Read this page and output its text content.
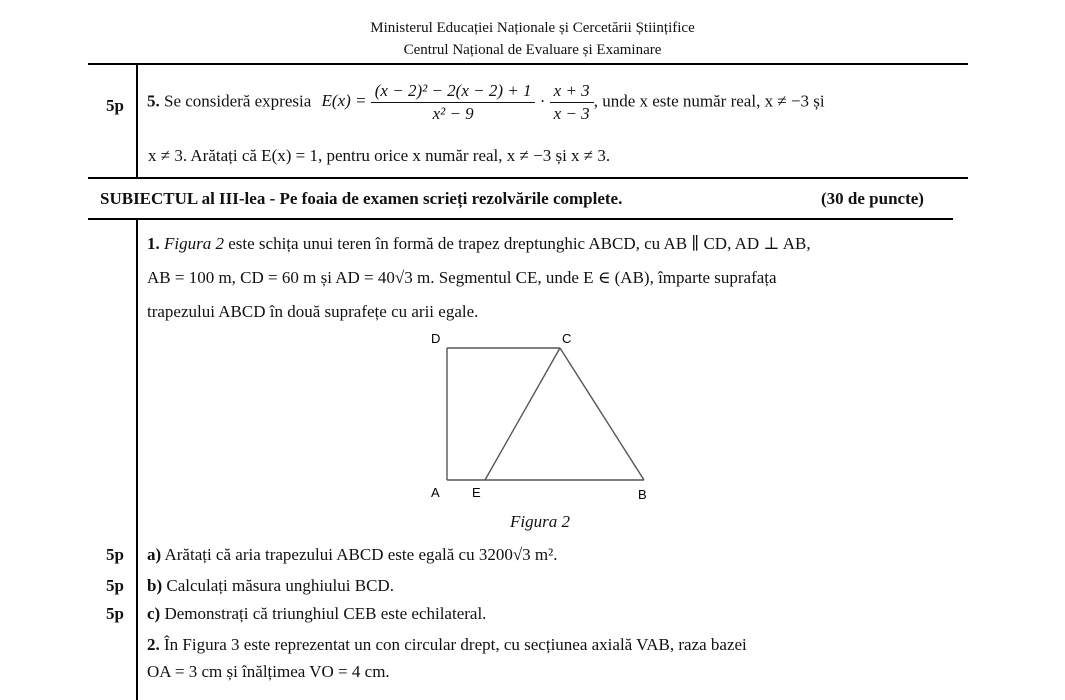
Ministerul Educației Naționale și Cercetării Științifice
Centrul Național de Evaluare și Examinare
5p 5. Se consideră expresia $E(x) = \frac{\text{(x − 2)² − 2(x − 2) + 1}}{\text{x² − 9}} \cdot \frac{x + 3}{x - 3}$ , unde x este număr real, x ≠ −3 și
x ≠ 3. Arătați că E(x) = 1, pentru orice x număr real, x ≠ −3 și x ≠ 3.
SUBIECTUL al III-lea - Pe foaia de examen scrieți rezolvările complete.	(30 de puncte)
1. Figura 2 este schița unui teren în formă de trapez dreptunghic ABCD, cu AB ∥ CD, AD ⊥ AB,
AB = 100 m, CD = 60 m și AD = 40√3 m. Segmentul CE, unde E ∈ (AB), împarte suprafața
trapezului ABCD în două suprafețe cu arii egale.
D	C
A E	B
Figura 2
5p a) Arătați că aria trapezului ABCD este egală cu 3200√3 m².
5p b) Calculați măsura unghiului BCD.
5p c) Demonstrați că triunghiul CEB este echilateral.
2. În Figura 3 este reprezentat un con circular drept, cu secțiunea axială VAB, raza bazei
OA = 3 cm și înălțimea VO = 4 cm.
